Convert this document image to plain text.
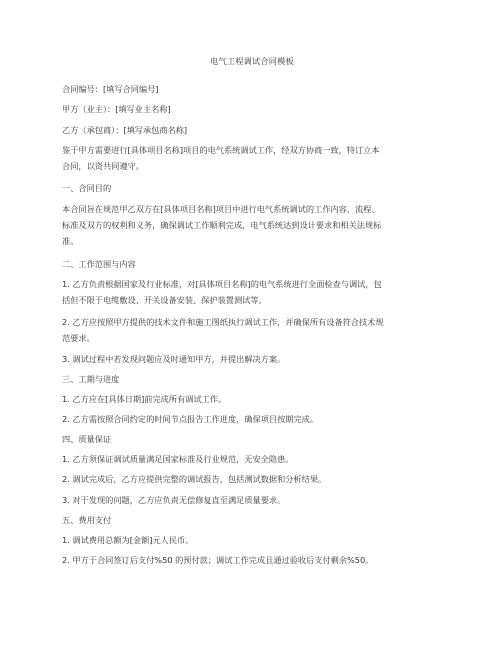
电气工程调试合同模板
合同编号：[填写合同编号]
甲方（业主）：[填写业主名称]
乙方（承包商）：[填写承包商名称]
鉴于甲方需要进行[具体项目名称]项目的电气系统调试工作，经双方协商一致，特订立本
合同，以资共同遵守。
一、合同目的
本合同旨在规范甲乙双方在[具体项目名称]项目中进行电气系统调试的工作内容、流程、
标准及双方的权利和义务，确保调试工作顺利完成，电气系统达到设计要求和相关法规标
准。
二、工作范围与内容
1. 乙方负责根据国家及行业标准，对[具体项目名称]的电气系统进行全面检查与调试，包
括但不限于电缆敷设、开关设备安装、保护装置测试等。
2. 乙方应按照甲方提供的技术文件和施工图纸执行调试工作，并确保所有设备符合技术规
范要求。
3. 调试过程中若发现问题应及时通知甲方，并提出解决方案。
三、工期与进度
1. 乙方应在[具体日期]前完成所有调试工作。
2. 乙方需按照合同约定的时间节点报告工作进度，确保项目按期完成。
四、质量保证
1. 乙方须保证调试质量满足国家标准及行业规范，无安全隐患。
2. 调试完成后，乙方应提供完整的调试报告，包括测试数据和分析结果。
3. 对于发现的问题，乙方应负责无偿修复直至满足质量要求。
五、费用支付
1. 调试费用总额为[金额]元人民币。
2. 甲方于合同签订后支付%50 的预付款；调试工作完成且通过验收后支付剩余%50。
